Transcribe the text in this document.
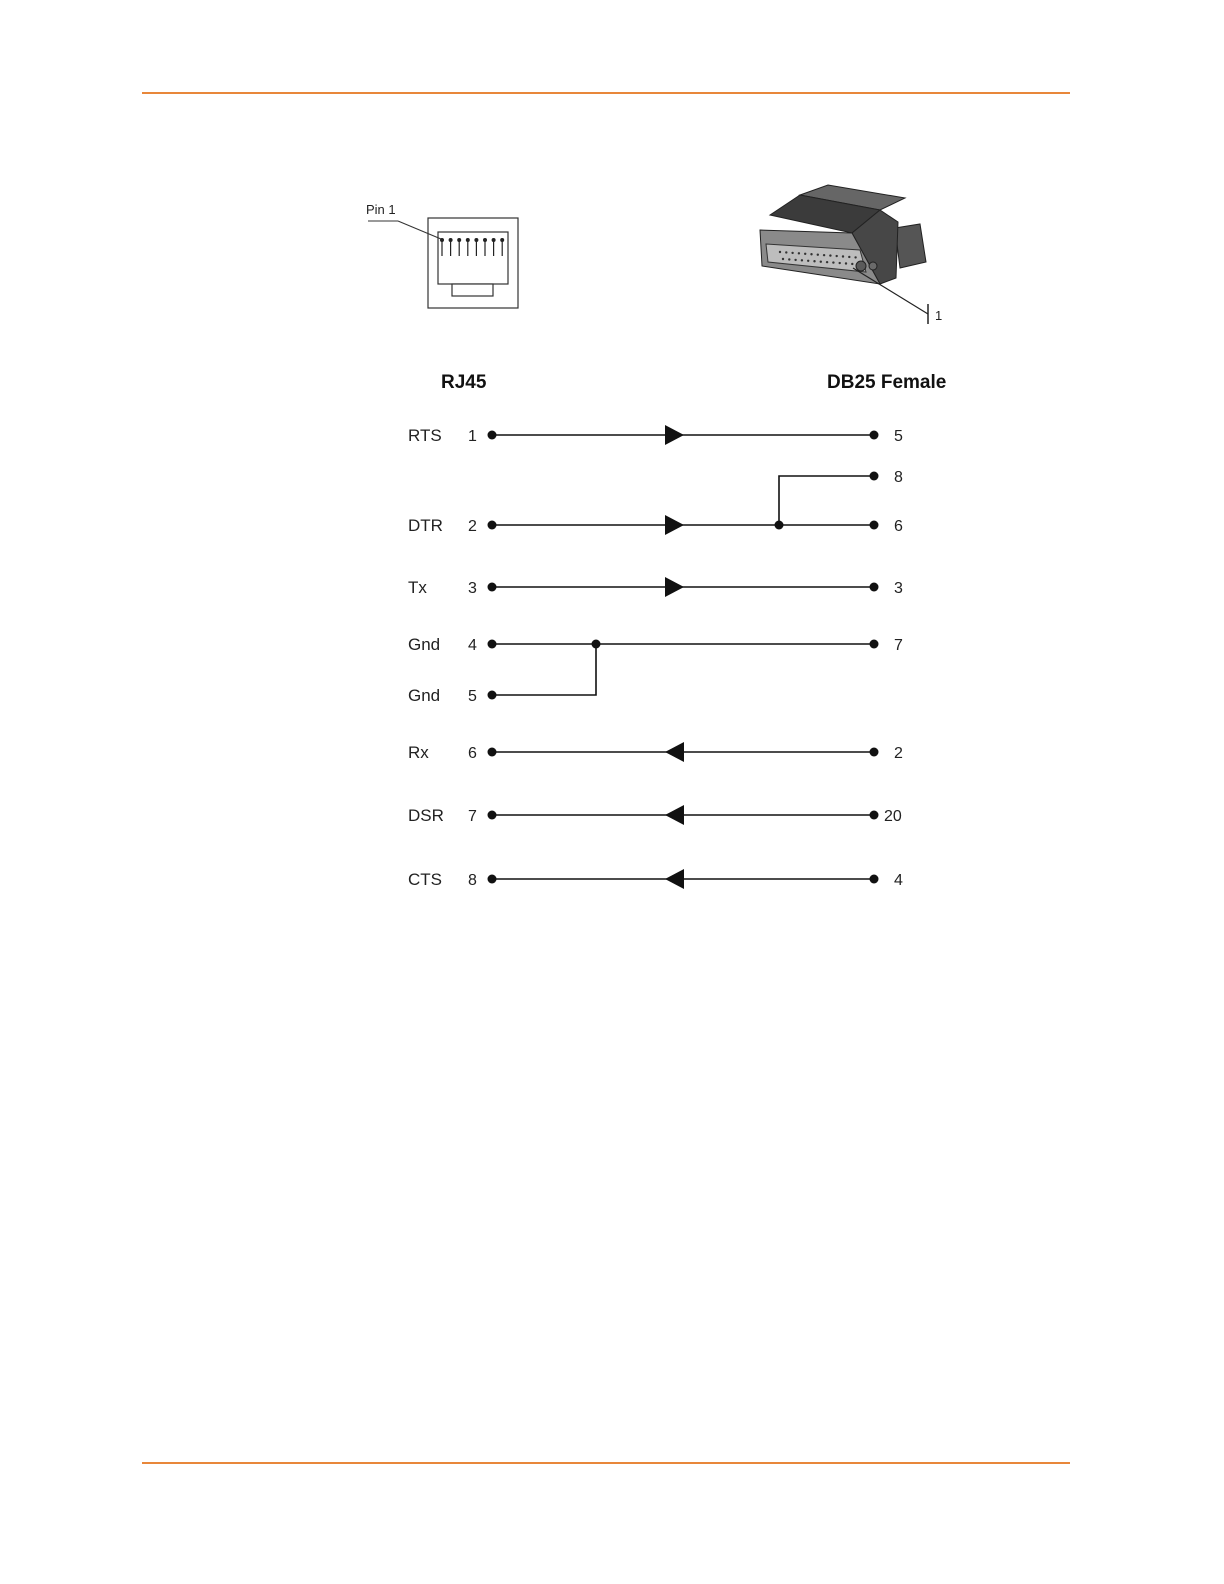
Pin 1
1
RJ45	DB25 Female
RTS 1	5
DTR 2	6
8
Tx	3	3
Gnd 4	7
Gnd 5
Rx 6	2
DSR 7	20
CTS 8	4
